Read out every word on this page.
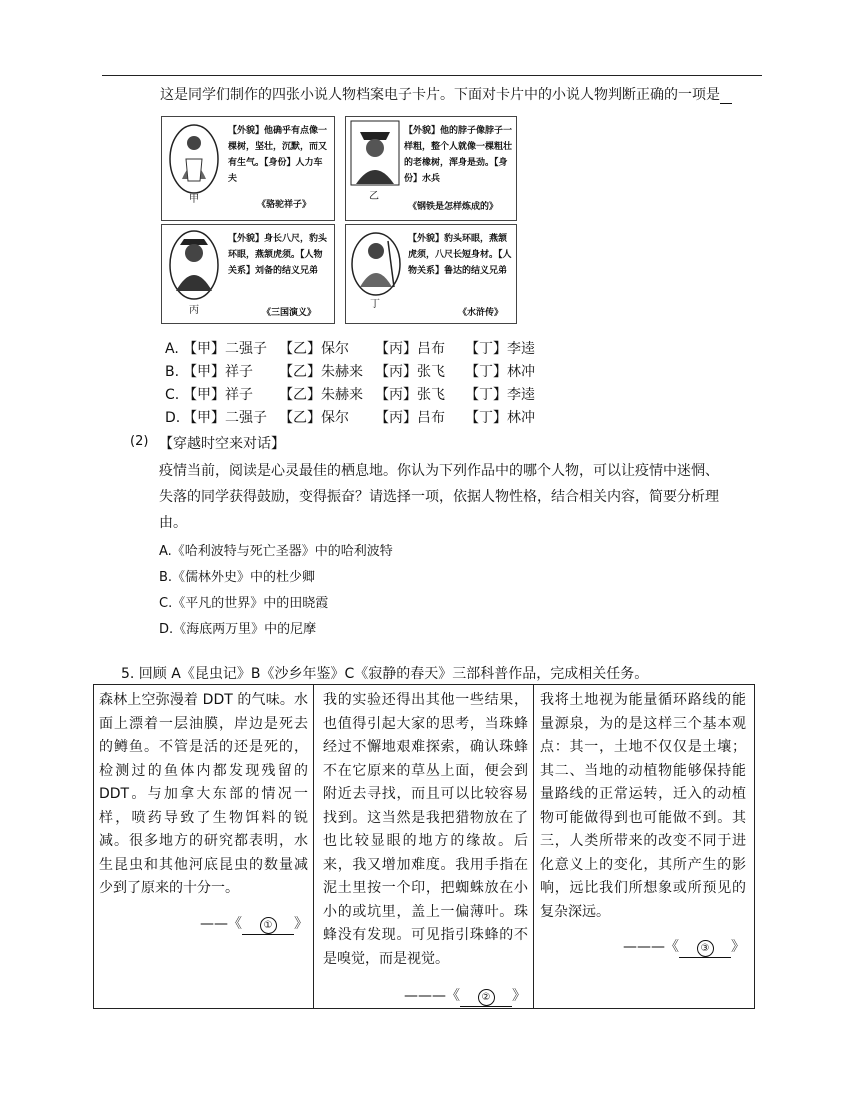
这是同学们制作的四张小说人物档案电子卡片。下面对卡片中的小说人物判断正确的一项是
甲
【外貌】他确乎有点像一棵树，坚壮，沉默，而又有生气。【身份】人力车夫
《骆驼祥子》
乙
【外貌】他的脖子像脖子一样粗，整个人就像一棵粗壮的老橡树，浑身是劲。【身份】水兵
《钢铁是怎样炼成的》
丙
【外貌】身长八尺，豹头环眼，燕颔虎须。【人物关系】刘备的结义兄弟
《三国演义》
丁
【外貌】豹头环眼，燕颔虎须，八尺长短身材。【人物关系】鲁达的结义兄弟
《水浒传》
A. 【甲】二强子 【乙】保尔 【丙】吕布 【丁】李逵
B. 【甲】祥子 【乙】朱赫来 【丙】张飞 【丁】林冲
C. 【甲】祥子 【乙】朱赫来 【丙】张飞 【丁】李逵
D. 【甲】二强子 【乙】保尔 【丙】吕布 【丁】林冲
(2) 【穿越时空来对话】
疫情当前，阅读是心灵最佳的栖息地。你认为下列作品中的哪个人物，可以让疫情中迷惘、
失落的同学获得鼓励，变得振奋？请选择一项，依据人物性格，结合相关内容，简要分析理
由。
A.《哈利波特与死亡圣器》中的哈利波特
B.《儒林外史》中的杜少卿
C.《平凡的世界》中的田晓霞
D.《海底两万里》中的尼摩
5. 回顾 A《昆虫记》B《沙乡年鉴》C《寂静的春天》三部科普作品，完成相关任务。

森林上空弥漫着 DDT 的气味。水面上漂着一层油膜，岸边是死去的鳟鱼。不管是活的还是死的，检测过的鱼体内都发现残留的 DDT。与加拿大东部的情况一样，喷药导致了生物饵料的锐减。很多地方的研究都表明，水生昆虫和其他河底昆虫的数量减少到了原来的十分一。

我的实验还得出其他一些结果，也值得引起大家的思考，当珠蜂经过不懈地艰难探索，确认珠蜂不在它原来的草丛上面，便会到附近去寻找，而且可以比较容易找到。这当然是我把猎物放在了也比较显眼的地方的缘故。后来，我又增加难度。我用手指在泥土里按一个印，把蜘蛛放在小小的或坑里，盖上一偏薄叶。珠蜂没有发现。可见指引珠蜂的不是嗅觉，而是视觉。

我将土地视为能量循环路线的能量源泉，为的是这样三个基本观点：其一，土地不仅仅是土壤；其二、当地的动植物能够保持能量路线的正常运转，迁入的动植物可能做得到也可能做不到。其三，人类所带来的改变不同于进化意义上的变化，其所产生的影响，远比我们所想象或所预见的复杂深远。

——《 ① 》
———《 ② 》
———《 ③ 》
